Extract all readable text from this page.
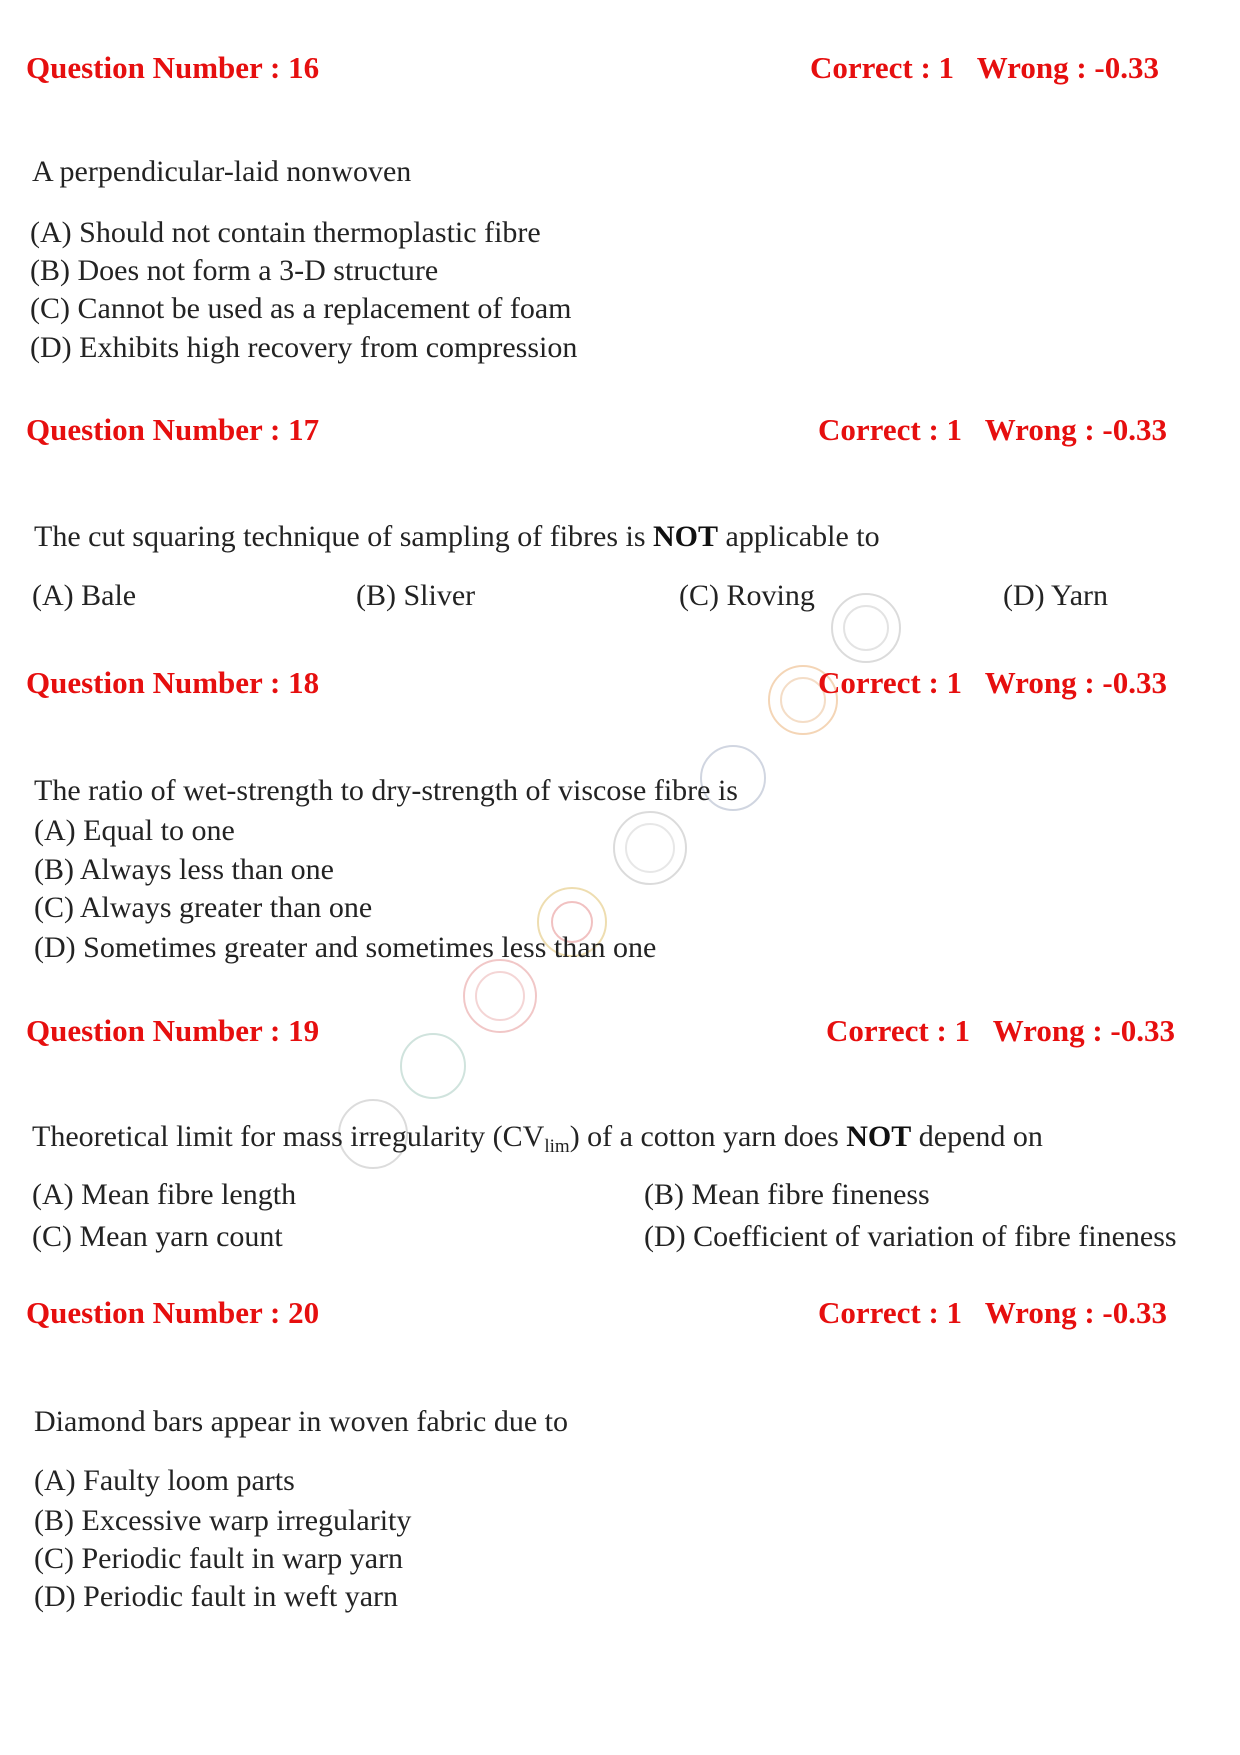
Question Number : 16	Correct : 1 Wrong : -0.33
A perpendicular-laid nonwoven
(A) Should not contain thermoplastic fibre
(B) Does not form a 3-D structure
(C) Cannot be used as a replacement of foam
(D) Exhibits high recovery from compression
Question Number : 17	Correct : 1 Wrong : -0.33
The cut squaring technique of sampling of fibres is NOT applicable to
(A) Bale	(B) Sliver	(C) Roving	(D) Yarn
Question Number : 18	Correct : 1 Wrong : -0.33
The ratio of wet-strength to dry-strength of viscose fibre is
(A) Equal to one
(B) Always less than one
(C) Always greater than one
(D) Sometimes greater and sometimes less than one
Question Number : 19	Correct : 1 Wrong : -0.33
Theoretical limit for mass irregularity $(CV_{lim})$ of a cotton yarn does NOT depend on
(A) Mean fibre length	(B) Mean fibre fineness
(C) Mean yarn count	(D) Coefficient of variation of fibre fineness
Question Number : 20	Correct : 1 Wrong : -0.33
Diamond bars appear in woven fabric due to
(A) Faulty loom parts
(B) Excessive warp irregularity
(C) Periodic fault in warp yarn
(D) Periodic fault in weft yarn
